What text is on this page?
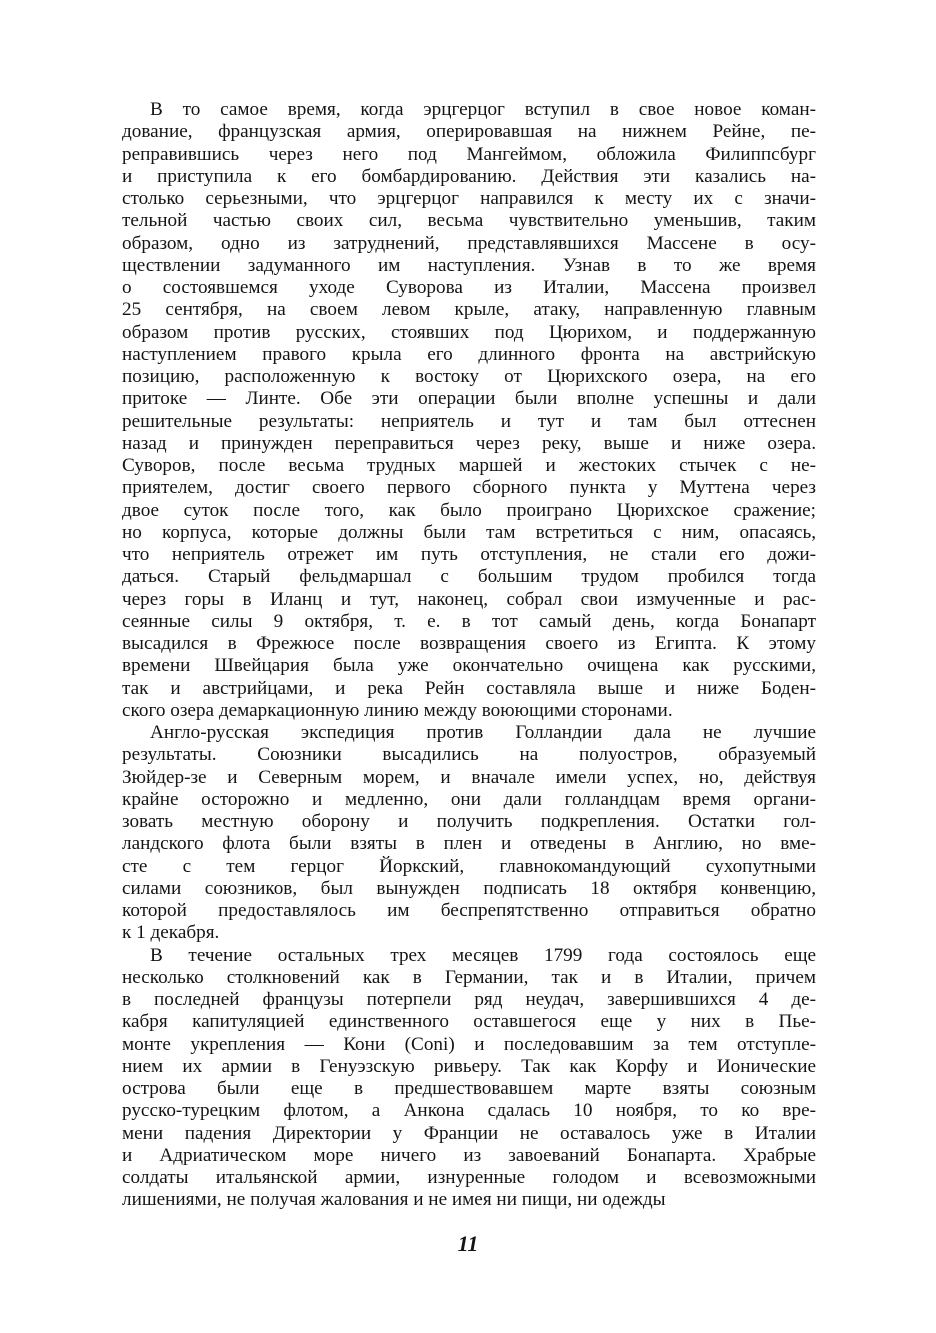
В то самое время, когда эрцгерцог вступил в свое новое коман-
дование, французская армия, оперировавшая на нижнем Рейне, пе-
реправившись через него под Мангеймом, обложила Филиппсбург
и приступила к его бомбардированию. Действия эти казались на-
столько серьезными, что эрцгерцог направился к месту их с значи-
тельной частью своих сил, весьма чувствительно уменьшив, таким
образом, одно из затруднений, представлявшихся Массене в осу-
ществлении задуманного им наступления. Узнав в то же время
о состоявшемся уходе Суворова из Италии, Массена произвел
25 сентября, на своем левом крыле, атаку, направленную главным
образом против русских, стоявших под Цюрихом, и поддержанную
наступлением правого крыла его длинного фронта на австрийскую
позицию, расположенную к востоку от Цюрихского озера, на его
притоке — Линте. Обе эти операции были вполне успешны и дали
решительные результаты: неприятель и тут и там был оттеснен
назад и принужден переправиться через реку, выше и ниже озера.
Суворов, после весьма трудных маршей и жестоких стычек с не-
приятелем, достиг своего первого сборного пункта у Муттена через
двое суток после того, как было проиграно Цюрихское сражение;
но корпуса, которые должны были там встретиться с ним, опасаясь,
что неприятель отрежет им путь отступления, не стали его дожи-
даться. Старый фельдмаршал с большим трудом пробился тогда
через горы в Иланц и тут, наконец, собрал свои измученные и рас-
сеянные силы 9 октября, т. е. в тот самый день, когда Бонапарт
высадился в Фрежюсе после возвращения своего из Египта. К этому
времени Швейцария была уже окончательно очищена как русскими,
так и австрийцами, и река Рейн составляла выше и ниже Боден-
ского озера демаркационную линию между воюющими сторонами.
Англо-русская экспедиция против Голландии дала не лучшие
результаты. Союзники высадились на полуостров, образуемый
Зюйдер-зе и Северным морем, и вначале имели успех, но, действуя
крайне осторожно и медленно, они дали голландцам время органи-
зовать местную оборону и получить подкрепления. Остатки гол-
ландского флота были взяты в плен и отведены в Англию, но вме-
сте с тем герцог Йоркский, главнокомандующий сухопутными
силами союзников, был вынужден подписать 18 октября конвенцию,
которой предоставлялось им беспрепятственно отправиться обратно
к 1 декабря.
В течение остальных трех месяцев 1799 года состоялось еще
несколько столкновений как в Германии, так и в Италии, причем
в последней французы потерпели ряд неудач, завершившихся 4 де-
кабря капитуляцией единственного оставшегося еще у них в Пье-
монте укрепления — Кони (Coni) и последовавшим за тем отступле-
нием их армии в Генуэзскую ривьеру. Так как Корфу и Ионические
острова были еще в предшествовавшем марте взяты союзным
русско-турецким флотом, а Анкона сдалась 10 ноября, то ко вре-
мени падения Директории у Франции не оставалось уже в Италии
и Адриатическом море ничего из завоеваний Бонапарта. Храбрые
солдаты итальянской армии, изнуренные голодом и всевозможными
лишениями, не получая жалования и не имея ни пищи, ни одежды
11
